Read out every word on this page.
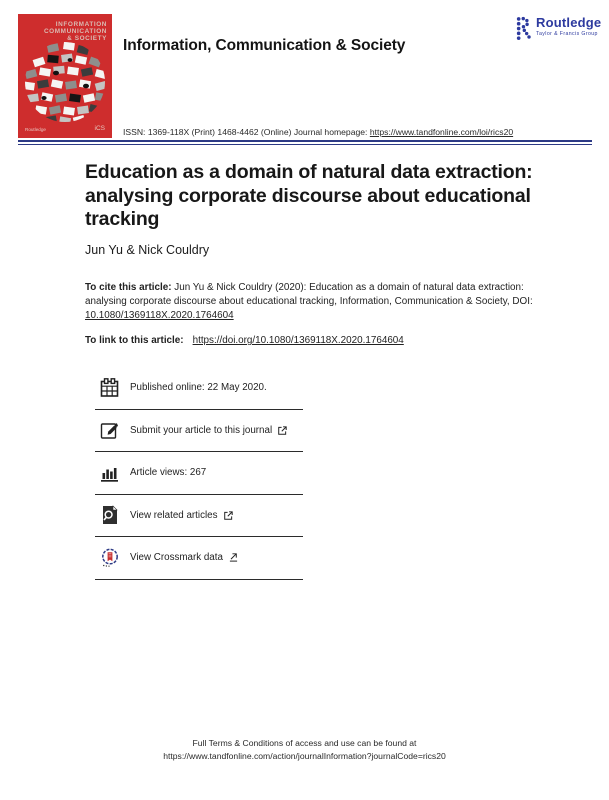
INFORMATION
COMMUNICATION
& SOCIETY
Routledge	iCS
Information, Communication & Society
ISSN: 1369-118X (Print) 1468-4462 (Online) Journal homepage: https://www.tandfonline.com/loi/rics20
Routledge
Taylor & Francis Group
Education as a domain of natural data extraction:
analysing corporate discourse about educational
tracking
Jun Yu & Nick Couldry

To cite this article: Jun Yu & Nick Couldry (2020): Education as a domain of natural data extraction: analysing corporate discourse about educational tracking, Information, Communication & Society, DOI: 10.1080/1369118X.2020.1764604

To link to this article: https://doi.org/10.1080/1369118X.2020.1764604

Published online: 22 May 2020.
Submit your article to this journal
Article views: 267
View related articles
View Crossmark data
Full Terms & Conditions of access and use can be found at
https://www.tandfonline.com/action/journalInformation?journalCode=rics20
